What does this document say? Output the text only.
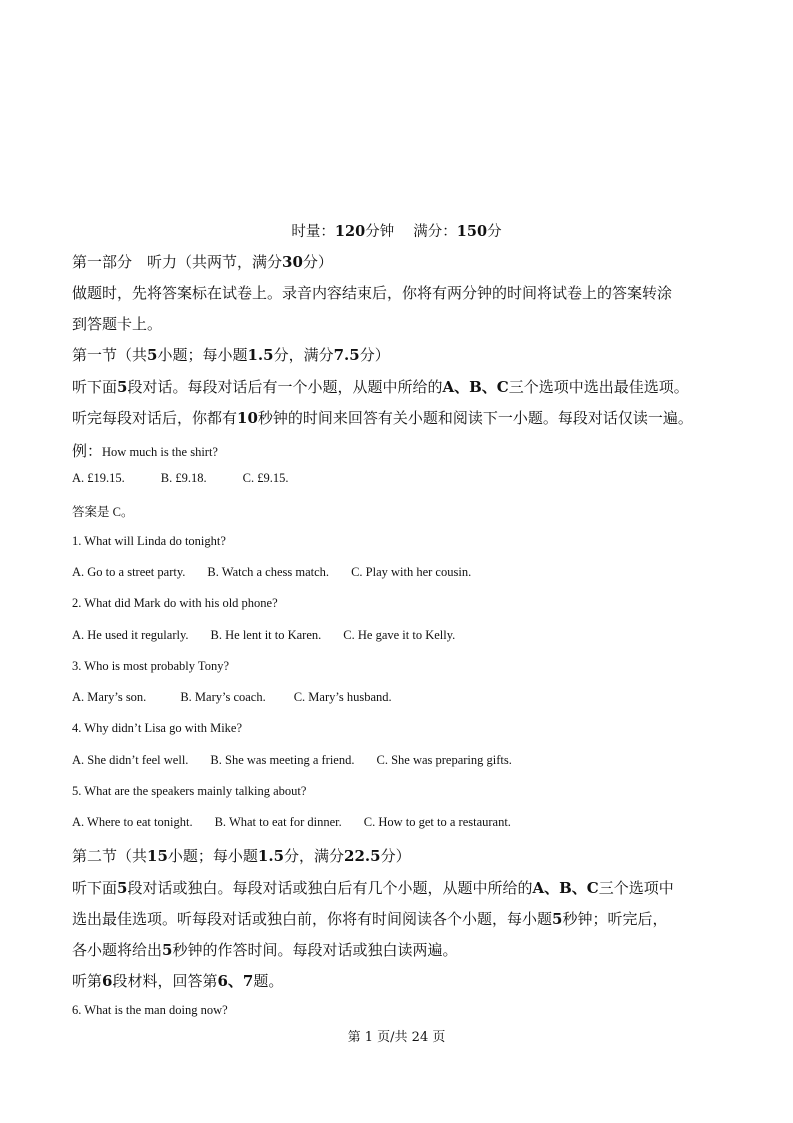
时量：120分钟   满分：150分
第一部分　听力（共两节，满分30分）
做题时，先将答案标在试卷上。录音内容结束后，你将有两分钟的时间将试卷上的答案转涂
到答题卡上。
第一节（共5小题；每小题1.5分，满分7.5分）
听下面5段对话。每段对话后有一个小题，从题中所给的A、B、C三个选项中选出最佳选项。
听完每段对话后，你都有10秒钟的时间来回答有关小题和阅读下一小题。每段对话仅读一遍。
例：How much is the shirt?
A. £19.15.	B. £9.18.	C. £9.15.
答案是 C。
1. What will Linda do tonight?
A. Go to a street party. B. Watch a chess match. C. Play with her cousin.
2. What did Mark do with his old phone?
A. He used it regularly. B. He lent it to Karen. C. He gave it to Kelly.
3. Who is most probably Tony?
A. Mary’s son.	B. Mary’s coach. C. Mary’s husband.
4. Why didn’t Lisa go with Mike?
A. She didn’t feel well. B. She was meeting a friend. C. She was preparing gifts.
5. What are the speakers mainly talking about?
A. Where to eat tonight. B. What to eat for dinner. C. How to get to a restaurant.
第二节（共15小题；每小题1.5分，满分22.5分）
听下面5段对话或独白。每段对话或独白后有几个小题，从题中所给的A、B、C三个选项中
选出最佳选项。听每段对话或独白前，你将有时间阅读各个小题，每小题5秒钟；听完后，
各小题将给出5秒钟的作答时间。每段对话或独白读两遍。
听第6段材料，回答第6、7题。
6. What is the man doing now?
第 1 页/共 24 页
